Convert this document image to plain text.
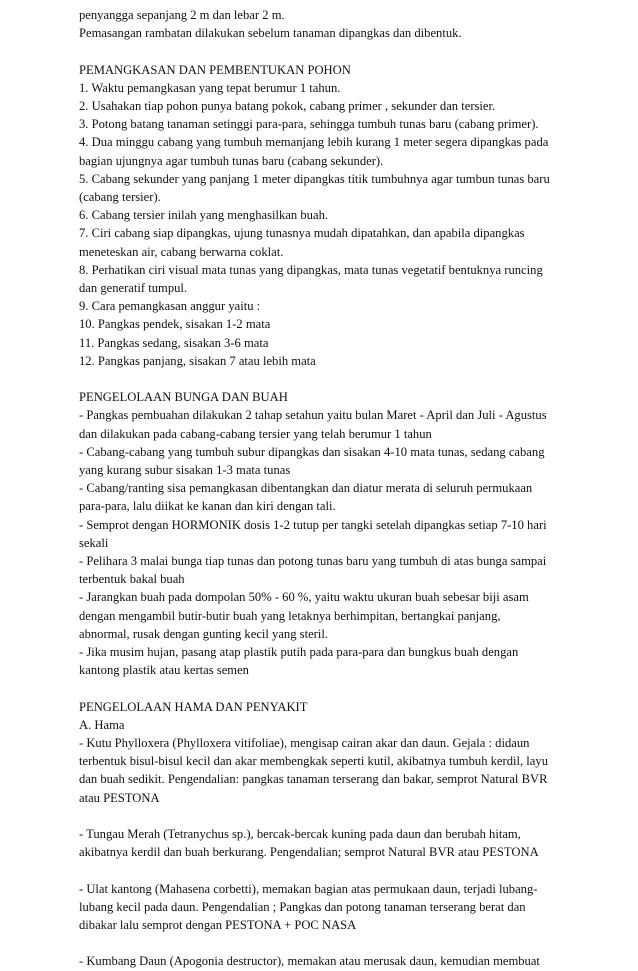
penyangga sepanjang 2 m dan lebar 2 m.
Pemasangan rambatan dilakukan sebelum tanaman dipangkas dan dibentuk.
PEMANGKASAN DAN PEMBENTUKAN POHON
1. Waktu pemangkasan yang tepat berumur 1 tahun.
2. Usahakan tiap pohon punya batang pokok, cabang primer , sekunder dan tersier.
3. Potong batang tanaman setinggi para-para, sehingga tumbuh tunas baru (cabang primer).
4. Dua minggu cabang yang tumbuh memanjang lebih kurang 1 meter segera dipangkas pada
bagian ujungnya agar tumbuh tunas baru (cabang sekunder).
5. Cabang sekunder yang panjang 1 meter dipangkas titik tumbuhnya agar tumbun tunas baru
(cabang tersier).
6. Cabang tersier inilah yang menghasilkan buah.
7. Ciri cabang siap dipangkas, ujung tunasnya mudah dipatahkan, dan apabila dipangkas
meneteskan air, cabang berwarna coklat.
8. Perhatikan ciri visual mata tunas yang dipangkas, mata tunas vegetatif bentuknya runcing
dan generatif tumpul.
9. Cara pemangkasan anggur yaitu :
10. Pangkas pendek, sisakan 1-2 mata
11. Pangkas sedang, sisakan 3-6 mata
12. Pangkas panjang, sisakan 7 atau lebih mata
PENGELOLAAN BUNGA DAN BUAH
- Pangkas pembuahan dilakukan 2 tahap setahun yaitu bulan Maret - April dan Juli - Agustus
dan dilakukan pada cabang-cabang tersier yang telah berumur 1 tahun
- Cabang-cabang yang tumbuh subur dipangkas dan sisakan 4-10 mata tunas, sedang cabang
yang kurang subur sisakan 1-3 mata tunas
- Cabang/ranting sisa pemangkasan dibentangkan dan diatur merata di seluruh permukaan
para-para, lalu diikat ke kanan dan kiri dengan tali.
- Semprot dengan HORMONIK dosis 1-2 tutup per tangki setelah dipangkas setiap 7-10 hari
sekali
- Pelihara 3 malai bunga tiap tunas dan potong tunas baru yang tumbuh di atas bunga sampai
terbentuk bakal buah
- Jarangkan buah pada dompolan 50% - 60 %, yaitu waktu ukuran buah sebesar biji asam
dengan mengambil butir-butir buah yang letaknya berhimpitan, bertangkai panjang,
abnormal, rusak dengan gunting kecil yang steril.
- Jika musim hujan, pasang atap plastik putih pada para-para dan bungkus buah dengan
kantong plastik atau kertas semen
PENGELOLAAN HAMA DAN PENYAKIT
A. Hama
- Kutu Phylloxera (Phylloxera vitifoliae), mengisap cairan akar dan daun. Gejala : didaun
terbentuk bisul-bisul kecil dan akar membengkak seperti kutil, akibatnya tumbuh kerdil, layu
dan buah sedikit. Pengendalian: pangkas tanaman terserang dan bakar, semprot Natural BVR
atau PESTONA
- Tungau Merah (Tetranychus sp.), bercak-bercak kuning pada daun dan berubah hitam,
akibatnya kerdil dan buah berkurang. Pengendalian; semprot Natural BVR atau PESTONA
- Ulat kantong (Mahasena corbetti), memakan bagian atas permukaan daun, terjadi lubang-
lubang kecil pada daun. Pengendalian ; Pangkas dan potong tanaman terserang berat dan
dibakar lalu semprot dengan PESTONA + POC NASA
- Kumbang Daun (Apogonia destructor), memakan atau merusak daun, kemudian membuat
